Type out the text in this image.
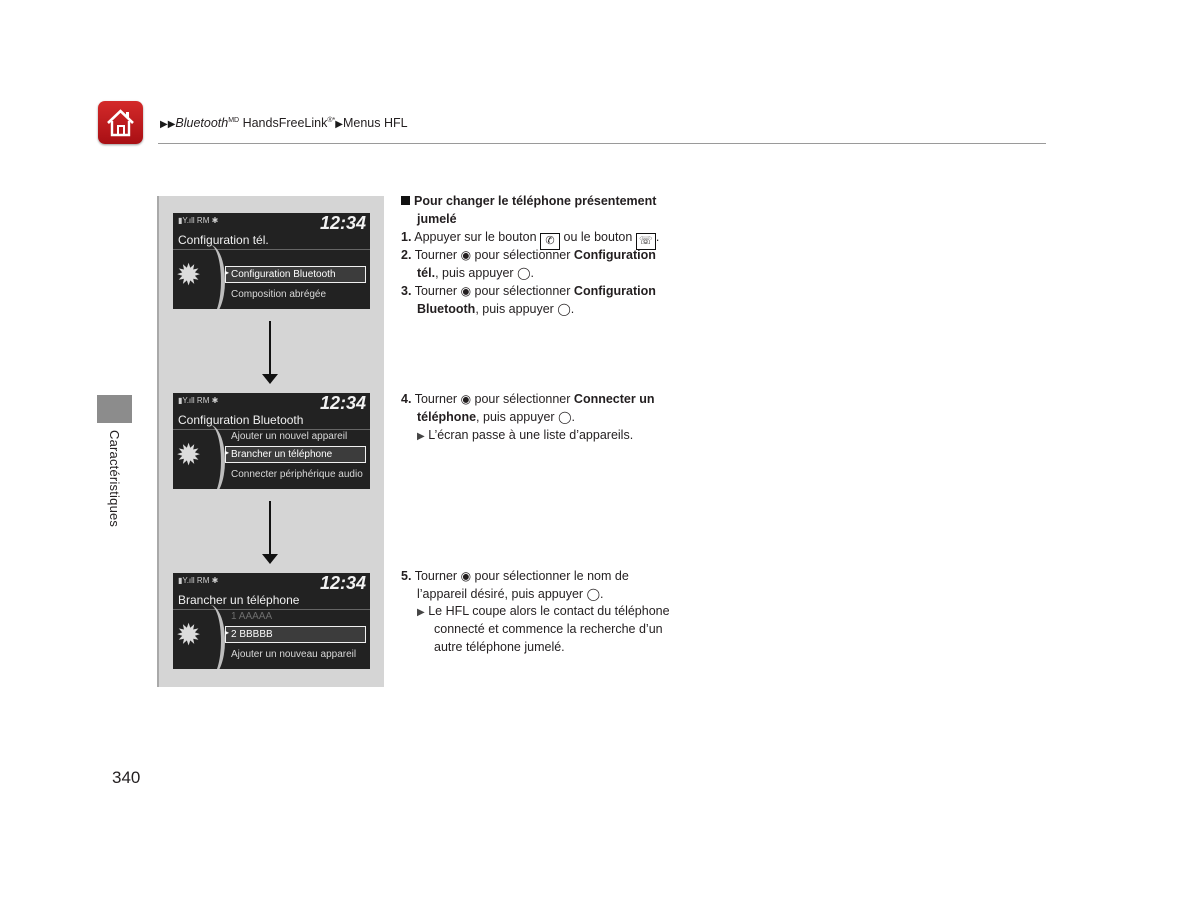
▶▶Bluetooth$^{MD}$ HandsFreeLink®*▶Menus HFL
Caractéristiques
▮Y.ıll RM ✱	12:34
Configuration tél.
✹
▸	Configuration Bluetooth
Composition abrégée
▮Y.ıll RM ✱	12:34
Configuration Bluetooth
✹
Ajouter un nouvel appareil
▸ Brancher un téléphone
Connecter périphérique audio
▮Y.ıll RM ✱	12:34
Brancher un téléphone
✹
1 AAAAA
▸ 2 BBBBB
Ajouter un nouveau appareil
Pour changer le téléphone présentement
jumelé
1. Appuyer sur le bouton ✆ ou le bouton ☏ .
2. Tourner ◉ pour sélectionner Configuration
tél., puis appuyer ◯.
3. Tourner ◉ pour sélectionner Configuration
Bluetooth, puis appuyer ◯.
4. Tourner ◉ pour sélectionner Connecter un
téléphone, puis appuyer ◯.
▶ L’écran passe à une liste d’appareils.
5. Tourner ◉ pour sélectionner le nom de
l’appareil désiré, puis appuyer ◯.
▶ Le HFL coupe alors le contact du téléphone
connecté et commence la recherche d’un
autre téléphone jumelé.
340
